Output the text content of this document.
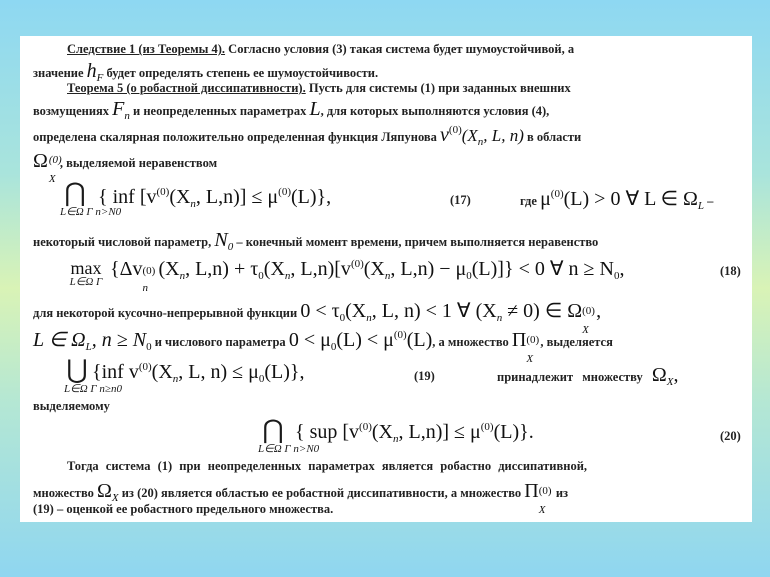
Следствие 1 (из Теоремы 4). Согласно условия (3) такая система будет шумоустойчивой, а
значение hF будет определять степень ее шумоустойчивости.
Теорема 5 (о робастной диссипативности). Пусть для системы (1) при заданных внешних
возмущениях Fn и неопределенных параметрах L, для которых выполняются условия (4),
определена скалярная положительно определенная функция Ляпунова v(0)(Xn, L, n) в области
Ω (0)
X
, выделяемой неравенством
⋂
L∈Ω Γ n>N0
{ inf [v(0)(Xn, L,n)] ≤ μ(0)(L)},	(17)	где μ(0)(L) > 0 ∀ L ∈ ΩL –
некоторый числовой параметр, N0 – конечный момент времени, причем выполняется неравенство
max
L∈Ω Γ
{Δv (0)
n
(Xn, L,n) + τ0(Xn, L,n)[v(0)(Xn, L,n) − μ0(L)]} < 0 ∀ n ≥ N0,	(18)
для некоторой кусочно-непрерывной функции 0 < τ0(Xn, L, n) < 1 ∀ (Xn ≠ 0) ∈ Ω (0)
X
,
L ∈ ΩL, n ≥ N0 и числового параметра 0 < μ0(L) < μ(0)(L), а множество Π (0)
X
, выделяется
⋃
L∈Ω Γ n≥n0
{inf v(0)(Xn, L, n) ≤ μ0(L)},	(19)	принадлежит множеству ΩX,
выделяемому
⋂
L∈Ω Γ n>N0
{ sup [v(0)(Xn, L,n)] ≤ μ(0)(L)}.	(20)
Тогда система (1) при неопределенных параметрах является робастно диссипативной,
множество ΩX из (20) является областью ее робастной диссипативности, а множество Π (0)
X
из
(19) – оценкой ее робастного предельного множества.
